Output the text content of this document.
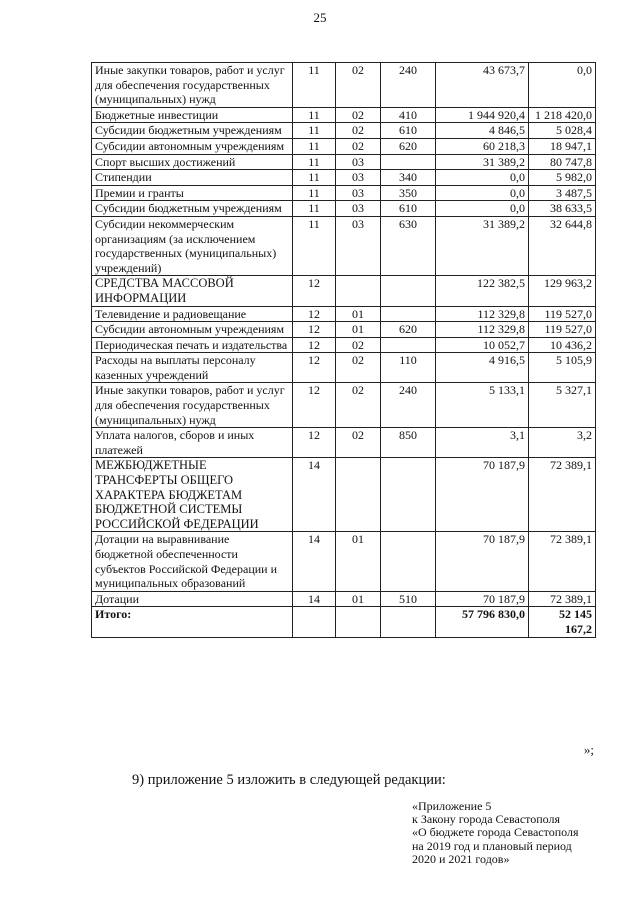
25
Иные закупки товаров, работ и услуг для обеспечения государственных (муниципальных) нужд	11	02	240	43 673,7	0,0
Бюджетные инвестиции	11	02	410	1 944 920,4	1 218 420,0
Субсидии бюджетным учреждениям	11	02	610	4 846,5	5 028,4
Субсидии автономным учреждениям	11	02	620	60 218,3	18 947,1
Спорт высших достижений	11	03		31 389,2	80 747,8
Стипендии	11	03	340	0,0	5 982,0
Премии и гранты	11	03	350	0,0	3 487,5
Субсидии бюджетным учреждениям	11	03	610	0,0	38 633,5
Субсидии некоммерческим организациям (за исключением государственных (муниципальных) учреждений)	11	03	630	31 389,2	32 644,8
СРЕДСТВА МАССОВОЙ ИНФОРМАЦИИ	12			122 382,5	129 963,2
Телевидение и радиовещание	12	01		112 329,8	119 527,0
Субсидии автономным учреждениям	12	01	620	112 329,8	119 527,0
Периодическая печать и издательства	12	02		10 052,7	10 436,2
Расходы на выплаты персоналу казенных учреждений	12	02	110	4 916,5	5 105,9
Иные закупки товаров, работ и услуг для обеспечения государственных (муниципальных) нужд	12	02	240	5 133,1	5 327,1
Уплата налогов, сборов и иных платежей	12	02	850	3,1	3,2
МЕЖБЮДЖЕТНЫЕ ТРАНСФЕРТЫ ОБЩЕГО ХАРАКТЕРА БЮДЖЕТАМ БЮДЖЕТНОЙ СИСТЕМЫ РОССИЙСКОЙ ФЕДЕРАЦИИ	14			70 187,9	72 389,1
Дотации на выравнивание бюджетной обеспеченности субъектов Российской Федерации и муниципальных образований	14	01		70 187,9	72 389,1
Дотации	14	01	510	70 187,9	72 389,1
Итого:				57 796 830,0	52 145 167,2
»;
9) приложение 5 изложить в следующей редакции:
«Приложение 5
к Закону города Севастополя
«О бюджете города Севастополя
на 2019 год и плановый период
2020 и 2021 годов»
